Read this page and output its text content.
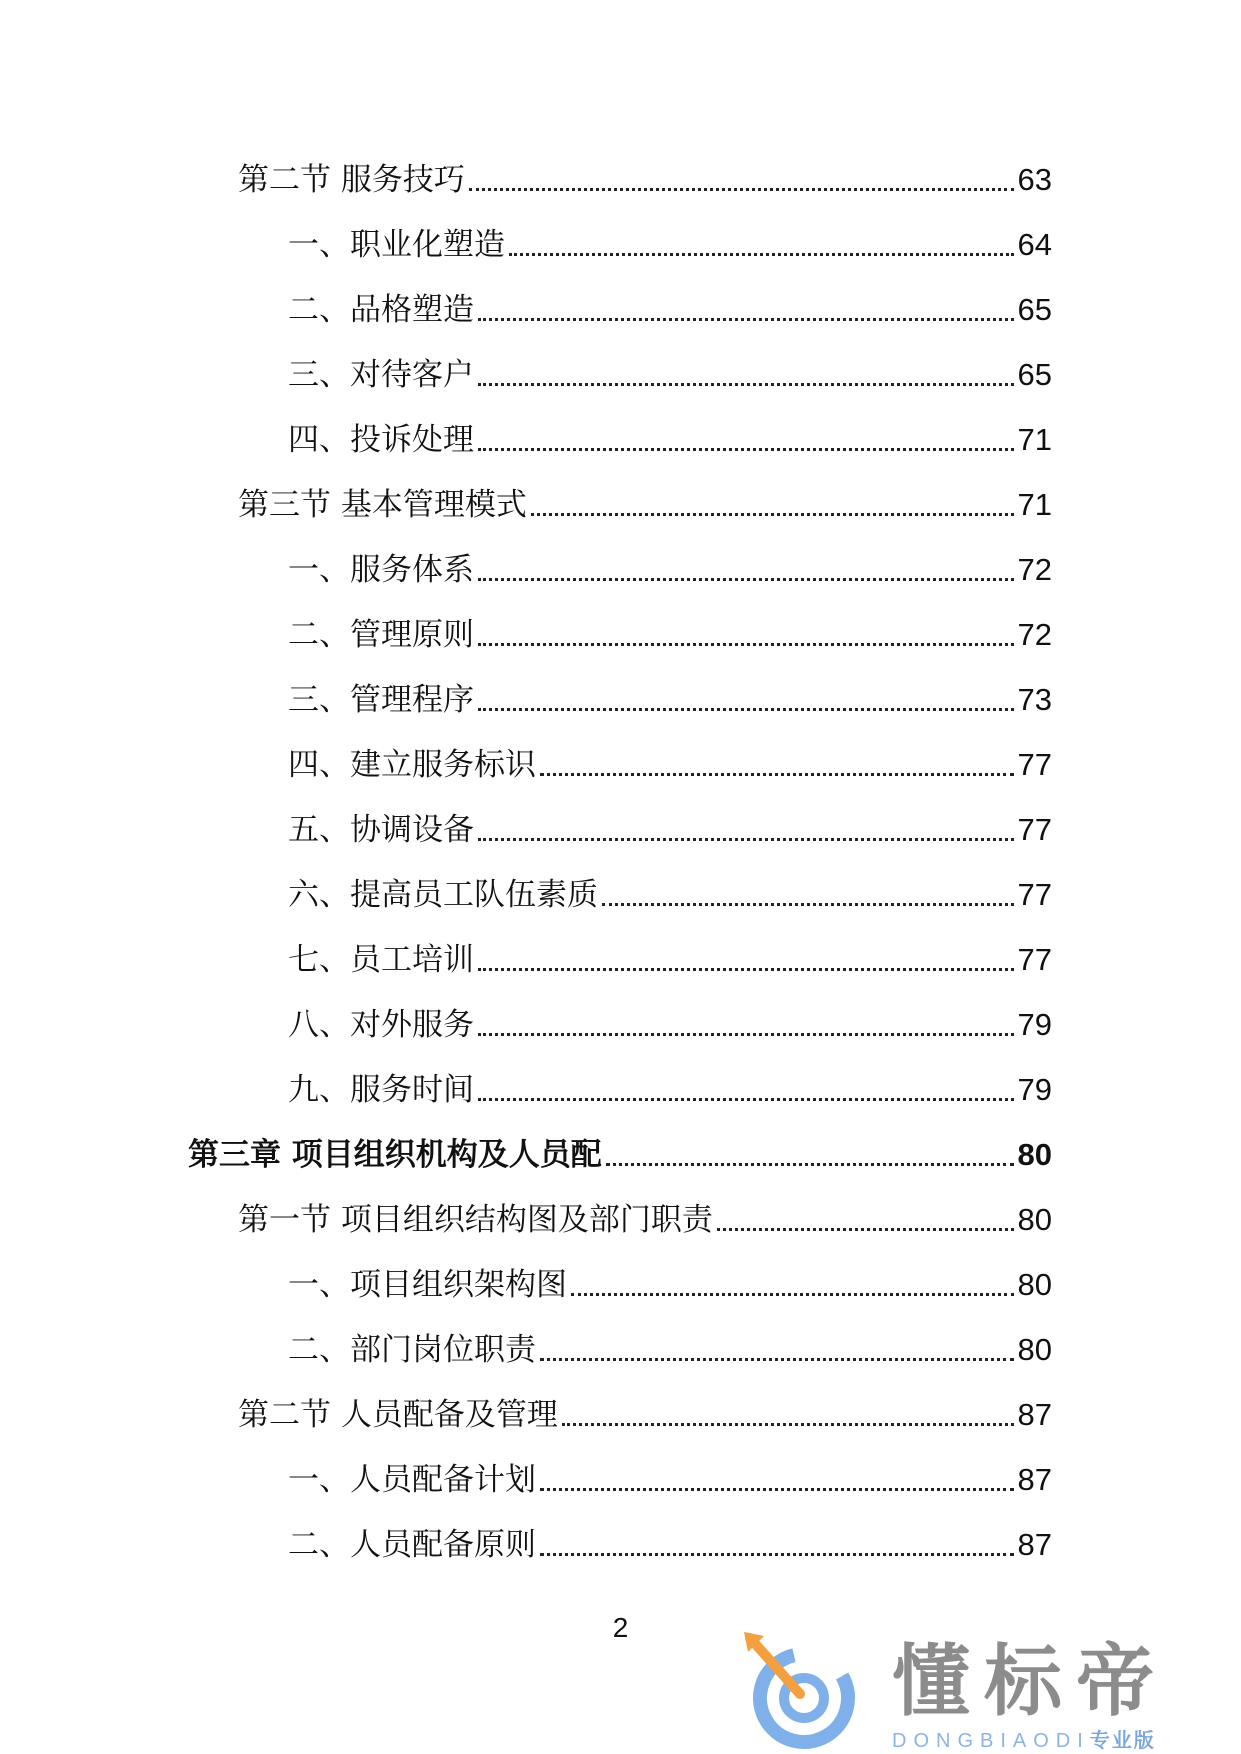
第二节 服务技巧	63
一、职业化塑造	64
二、品格塑造	65
三、对待客户	65
四、投诉处理	71
第三节 基本管理模式	71
一、服务体系	72
二、管理原则	72
三、管理程序	73
四、建立服务标识	77
五、协调设备	77
六、提高员工队伍素质	77
七、员工培训	77
八、对外服务	79
九、服务时间	79
第三章 项目组织机构及人员配	80
第一节 项目组织结构图及部门职责	80
一、项目组织架构图	80
二、部门岗位职责	80
第二节 人员配备及管理	87
一、人员配备计划	87
二、人员配备原则	87
2
懂标帝
DONGBIAODI专业版
